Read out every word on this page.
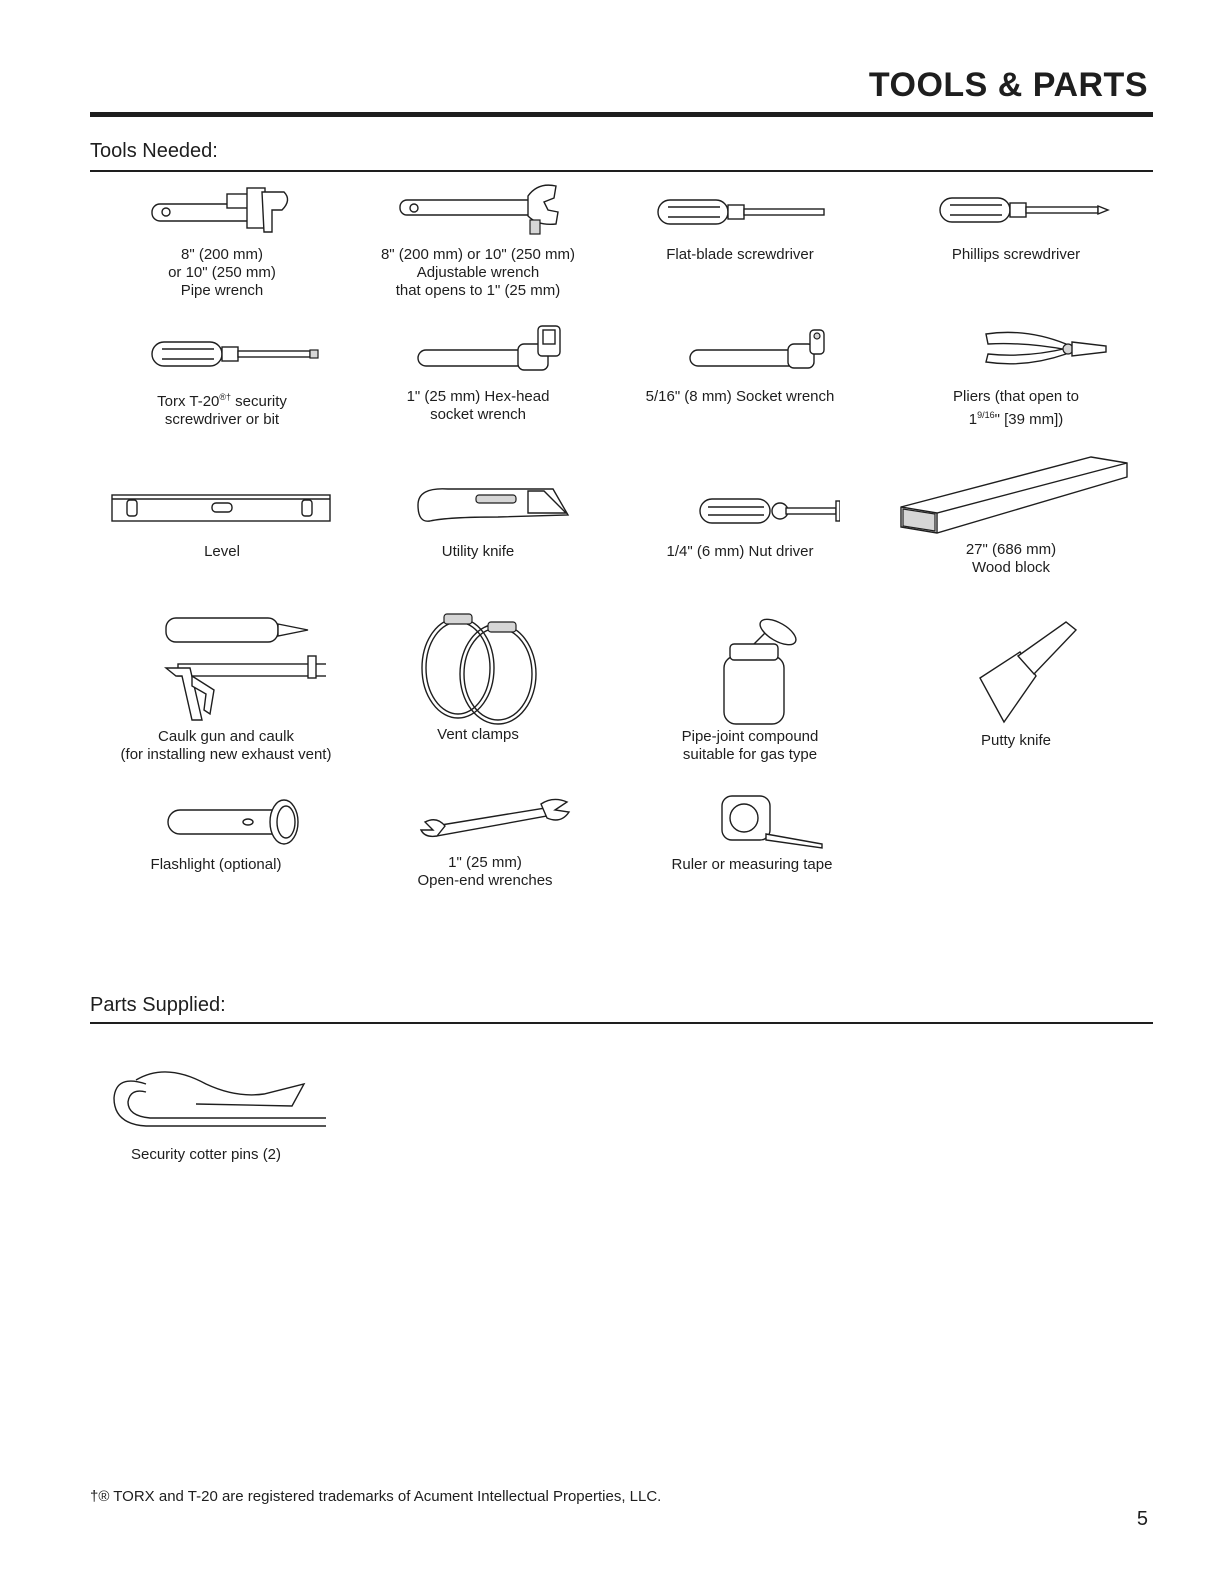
TOOLS & PARTS
Tools Needed:
8" (200 mm)
or 10" (250 mm)
Pipe wrench
8" (200 mm) or 10" (250 mm)
Adjustable wrench
that opens to 1" (25 mm)
Flat-blade screwdriver	Phillips screwdriver
Torx T-20®† security
screwdriver or bit
1" (25 mm) Hex-head
socket wrench
5/16" (8 mm) Socket wrench	Pliers (that open to
$1^{9/16}$" [39 mm])
Level	Utility knife	1/4" (6 mm) Nut driver	27" (686 mm)
Wood block
Caulk gun and caulk
(for installing new exhaust vent)
Vent clamps	Pipe-joint compound
suitable for gas type
Putty knife
Flashlight (optional)	1" (25 mm)
Open-end wrenches
Ruler or measuring tape
Parts Supplied:
Security cotter pins (2)
†® TORX and T-20 are registered trademarks of Acument Intellectual Properties, LLC.
5
